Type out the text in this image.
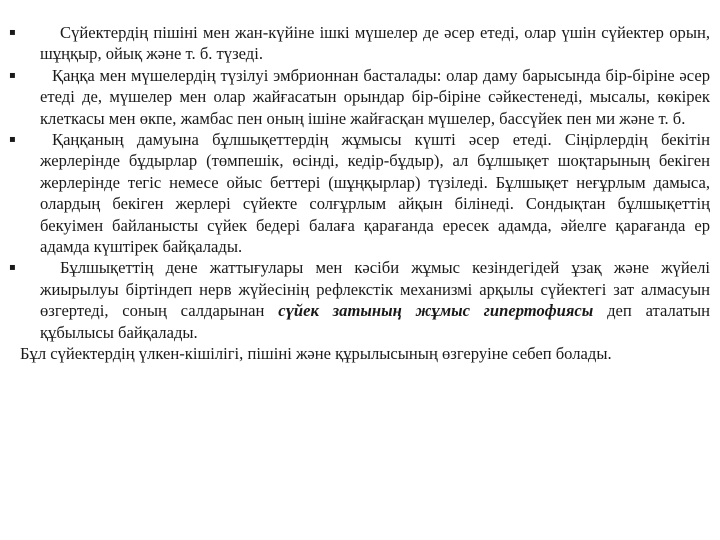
▪	Сүйектердің пішіні мен жан-күйіне ішкі мүшелер де әсер етеді, олар үшін сүйектер орын, шұңқыр, ойық және т. б. түзеді.
▪	Қаңқа мен мүшелердің түзілуі эмбрионнан басталады: олар даму барысында бір-біріне әсер етеді де, мүшелер мен олар жайғасатын орындар бір-біріне сәйкестенеді, мысалы, көкірек клеткасы мен өкпе, жамбас пен оның ішіне жайғасқан мүшелер, бассүйек пен ми және т. б.
▪	Қаңқаның дамуына бұлшықеттердің жұмысы күшті әсер етеді. Сіңірлердің бекітін жерлерінде бұдырлар (төмпешік, өсінді, кедір-бұдыр), ал бұлшықет шоқтарының бекіген жерлерінде тегіс немесе ойыс беттері (шұңқырлар) түзіледі. Бұлшықет неғұрлым дамыса, олардың бекіген жерлері сүйекте солғұрлым айқын білінеді. Сондықтан бұлшықеттің бекуімен байланысты сүйек бедері балаға қарағанда ересек адамда, әйелге қарағанда ер адамда күштірек байқалады.
▪	Бұлшықеттің дене жаттығулары мен кәсіби жұмыс кезіндегідей ұзақ және жүйелі жиырылуы біртіндеп нерв жүйесінің рефлекстік механизмі арқылы сүйектегі зат алмасуын өзгертеді, соның салдарынан сүйек затының жұмыс гипертофиясы деп аталатын құбылысы байқалады.
Бұл сүйектердің үлкен-кішілігі, пішіні және құрылысының өзгеруіне себеп болады.
